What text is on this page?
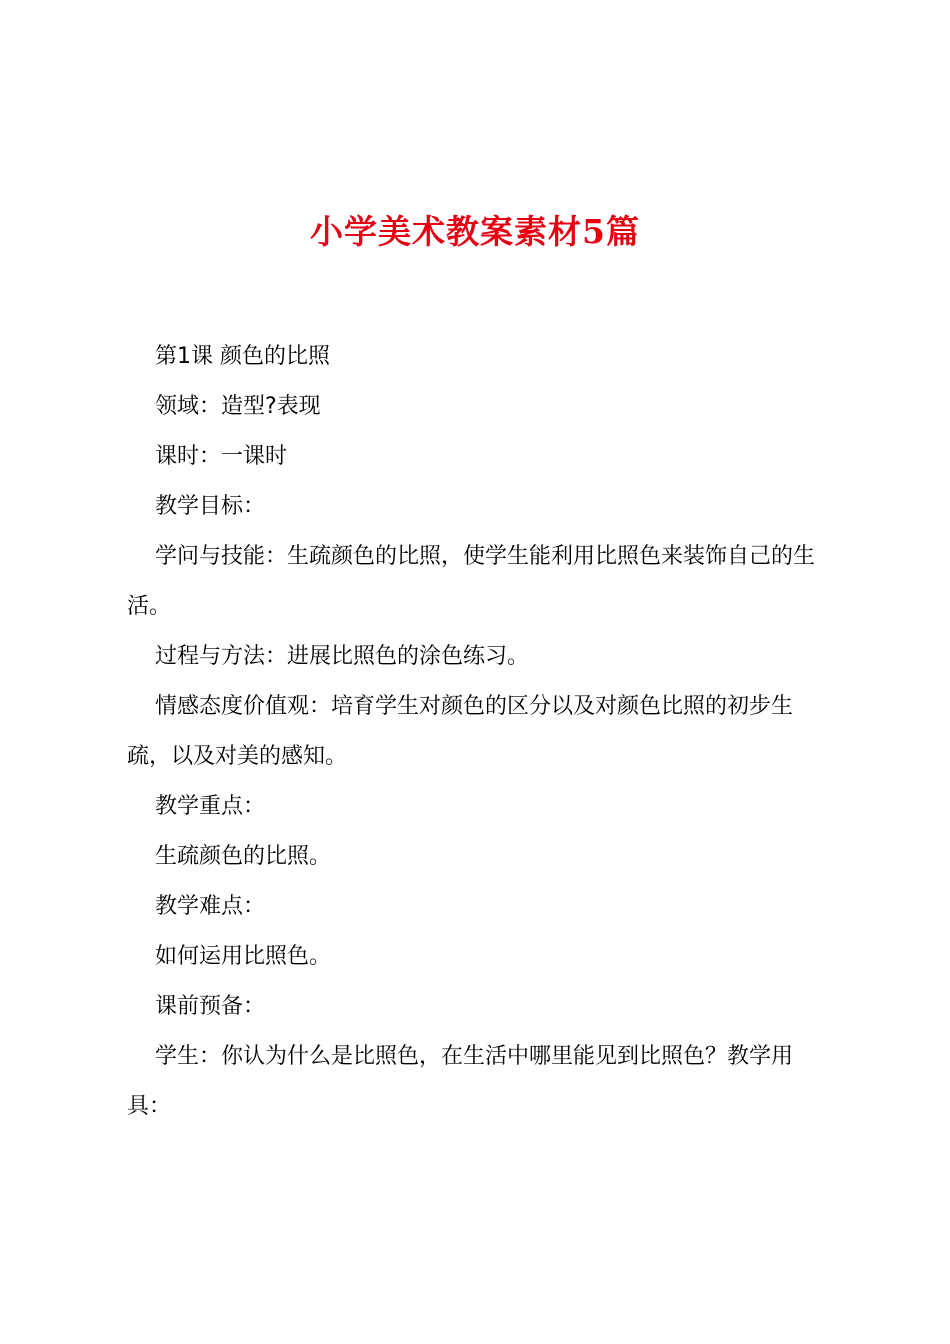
小学美术教案素材5篇

第1课 颜色的比照

领域：造型?表现

课时：一课时

教学目标：

学问与技能：生疏颜色的比照，使学生能利用比照色来装饰自己的生活。

过程与方法：进展比照色的涂色练习。

情感态度价值观：培育学生对颜色的区分以及对颜色比照的初步生疏，以及对美的感知。

教学重点：

生疏颜色的比照。

教学难点：

如何运用比照色。

课前预备：

学生：你认为什么是比照色，在生活中哪里能见到比照色？教学用具：
